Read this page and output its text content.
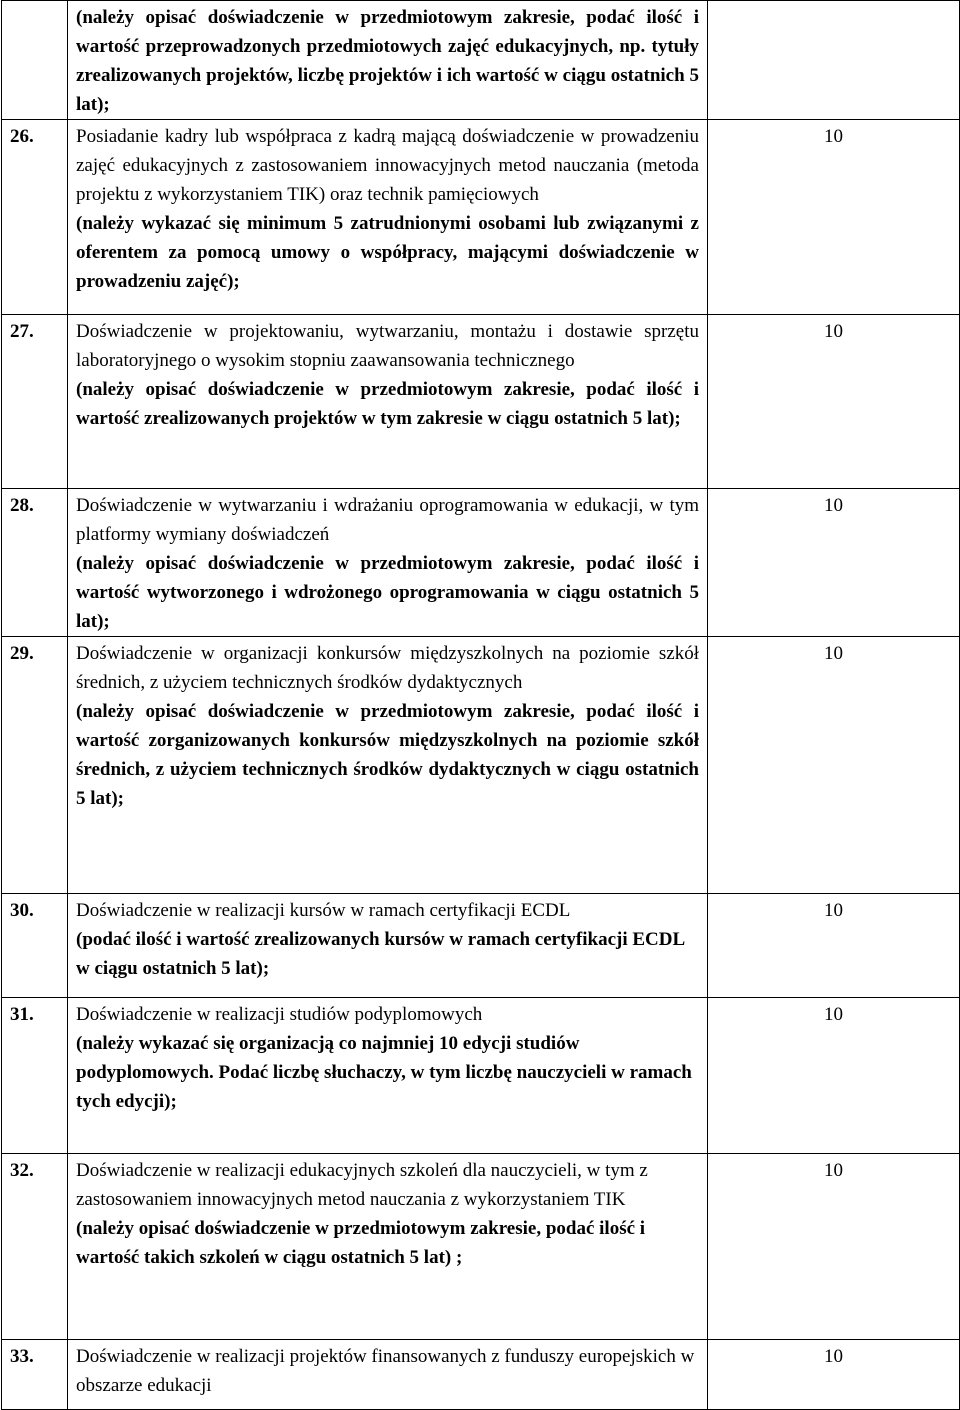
	(należy opisać doświadczenie w przedmiotowym zakresie, podać ilość i wartość przeprowadzonych przedmiotowych zajęć edukacyjnych, np. tytuły zrealizowanych projektów, liczbę projektów i ich wartość w ciągu ostatnich 5 lat);	

26.	Posiadanie kadry lub współpraca z kadrą mającą doświadczenie w prowadzeniu zajęć edukacyjnych z zastosowaniem innowacyjnych metod nauczania (metoda projektu z wykorzystaniem TIK) oraz technik pamięciowych
(należy wykazać się minimum 5 zatrudnionymi osobami lub związanymi z oferentem za pomocą umowy o współpracy, mającymi doświadczenie w prowadzeniu zajęć);	10
27.	Doświadczenie w projektowaniu, wytwarzaniu, montażu i dostawie sprzętu laboratoryjnego o wysokim stopniu zaawansowania technicznego
(należy opisać doświadczenie w przedmiotowym zakresie, podać ilość i wartość zrealizowanych projektów w tym zakresie w ciągu ostatnich 5 lat);	10
28.	Doświadczenie w wytwarzaniu i wdrażaniu oprogramowania w edukacji, w tym platformy wymiany doświadczeń
(należy opisać doświadczenie w przedmiotowym zakresie, podać ilość i wartość wytworzonego i wdrożonego oprogramowania w ciągu ostatnich 5 lat);	10
29.	Doświadczenie w organizacji konkursów międzyszkolnych na poziomie szkół średnich, z użyciem technicznych środków dydaktycznych
(należy opisać doświadczenie w przedmiotowym zakresie, podać ilość i wartość zorganizowanych konkursów międzyszkolnych na poziomie szkół średnich, z użyciem technicznych środków dydaktycznych w ciągu ostatnich 5 lat);	10
30.	Doświadczenie w realizacji kursów w ramach certyfikacji ECDL
(podać ilość i wartość zrealizowanych kursów w ramach certyfikacji ECDL w ciągu ostatnich 5 lat);	10
31.	Doświadczenie w realizacji studiów podyplomowych
(należy wykazać się organizacją co najmniej 10 edycji studiów podyplomowych. Podać liczbę słuchaczy, w tym liczbę nauczycieli w ramach tych edycji);	10
32.	Doświadczenie w realizacji edukacyjnych szkoleń dla nauczycieli, w tym z zastosowaniem innowacyjnych metod nauczania z wykorzystaniem TIK
(należy opisać doświadczenie w przedmiotowym zakresie, podać ilość i wartość takich szkoleń w ciągu ostatnich 5 lat) ;	10
33.	Doświadczenie w realizacji projektów finansowanych z funduszy europejskich w obszarze edukacji	10
